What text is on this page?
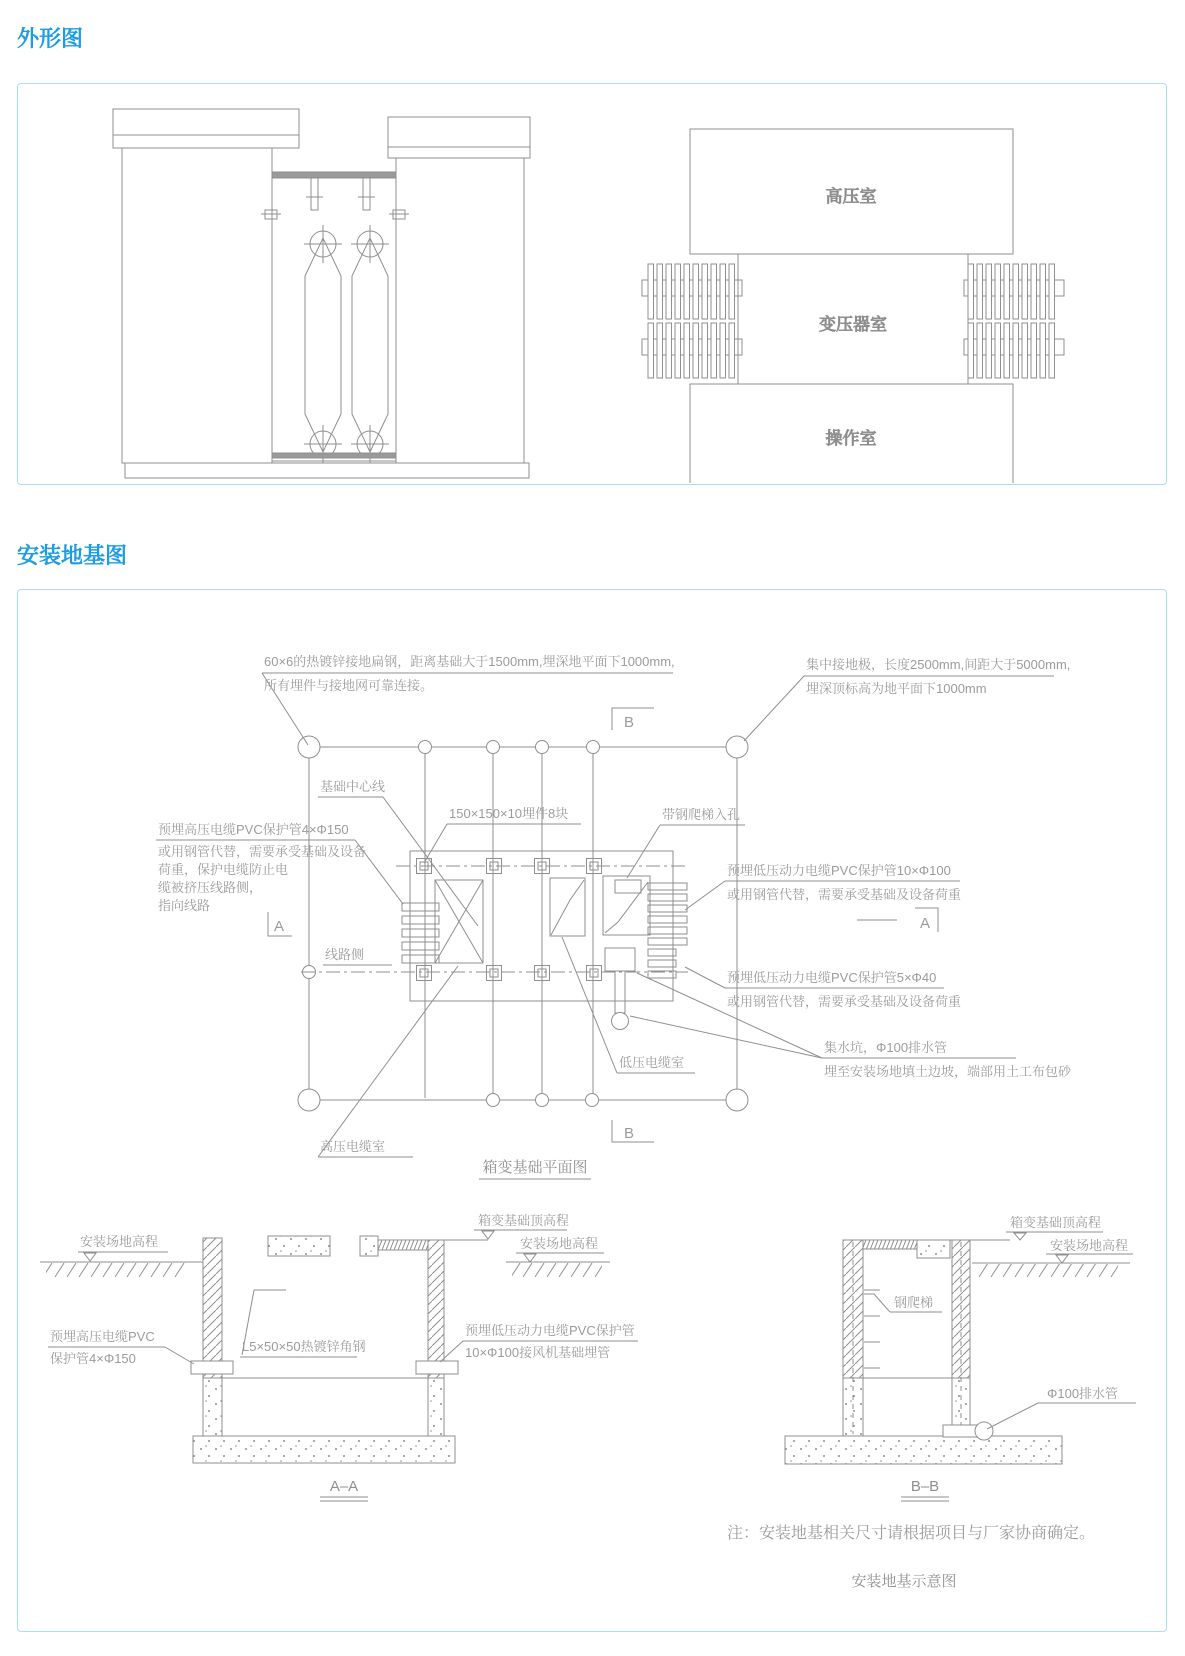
外形图
高压室
变压器室
操作室
安装地基图
60×6的热镀锌接地扁钢，距离基础大于1500mm,埋深地平面下1000mm,
所有埋件与接地网可靠连接。
集中接地极，长度2500mm,间距大于5000mm,
埋深顶标高为地平面下1000mm
基础中心线
150×150×10埋件8块	带钢爬梯入孔
预埋高压电缆PVC保护管4×Φ150
或用钢管代替，需要承受基础及设备
荷重，保护电缆防止电
缆被挤压线路侧，
指向线路
预埋低压动力电缆PVC保护管10×Φ100
或用钢管代替，需要承受基础及设备荷重
预埋低压动力电缆PVC保护管5×Φ40
或用钢管代替，需要承受基础及设备荷重
集水坑，Φ100排水管
埋至安装场地填土边坡，端部用土工布包砂
低压电缆室
高压电缆室
线路侧
B
B
A	A
箱变基础平面图
安装场地高程
箱变基础顶高程
安装场地高程
预埋高压电缆PVC
保护管4×Φ150
L5×50×50热镀锌角钢
预埋低压动力电缆PVC保护管
10×Φ100接风机基础埋管
A–A
箱变基础顶高程
安装场地高程
钢爬梯
Φ100排水管
B–B
注：安装地基相关尺寸请根据项目与厂家协商确定。
安装地基示意图
